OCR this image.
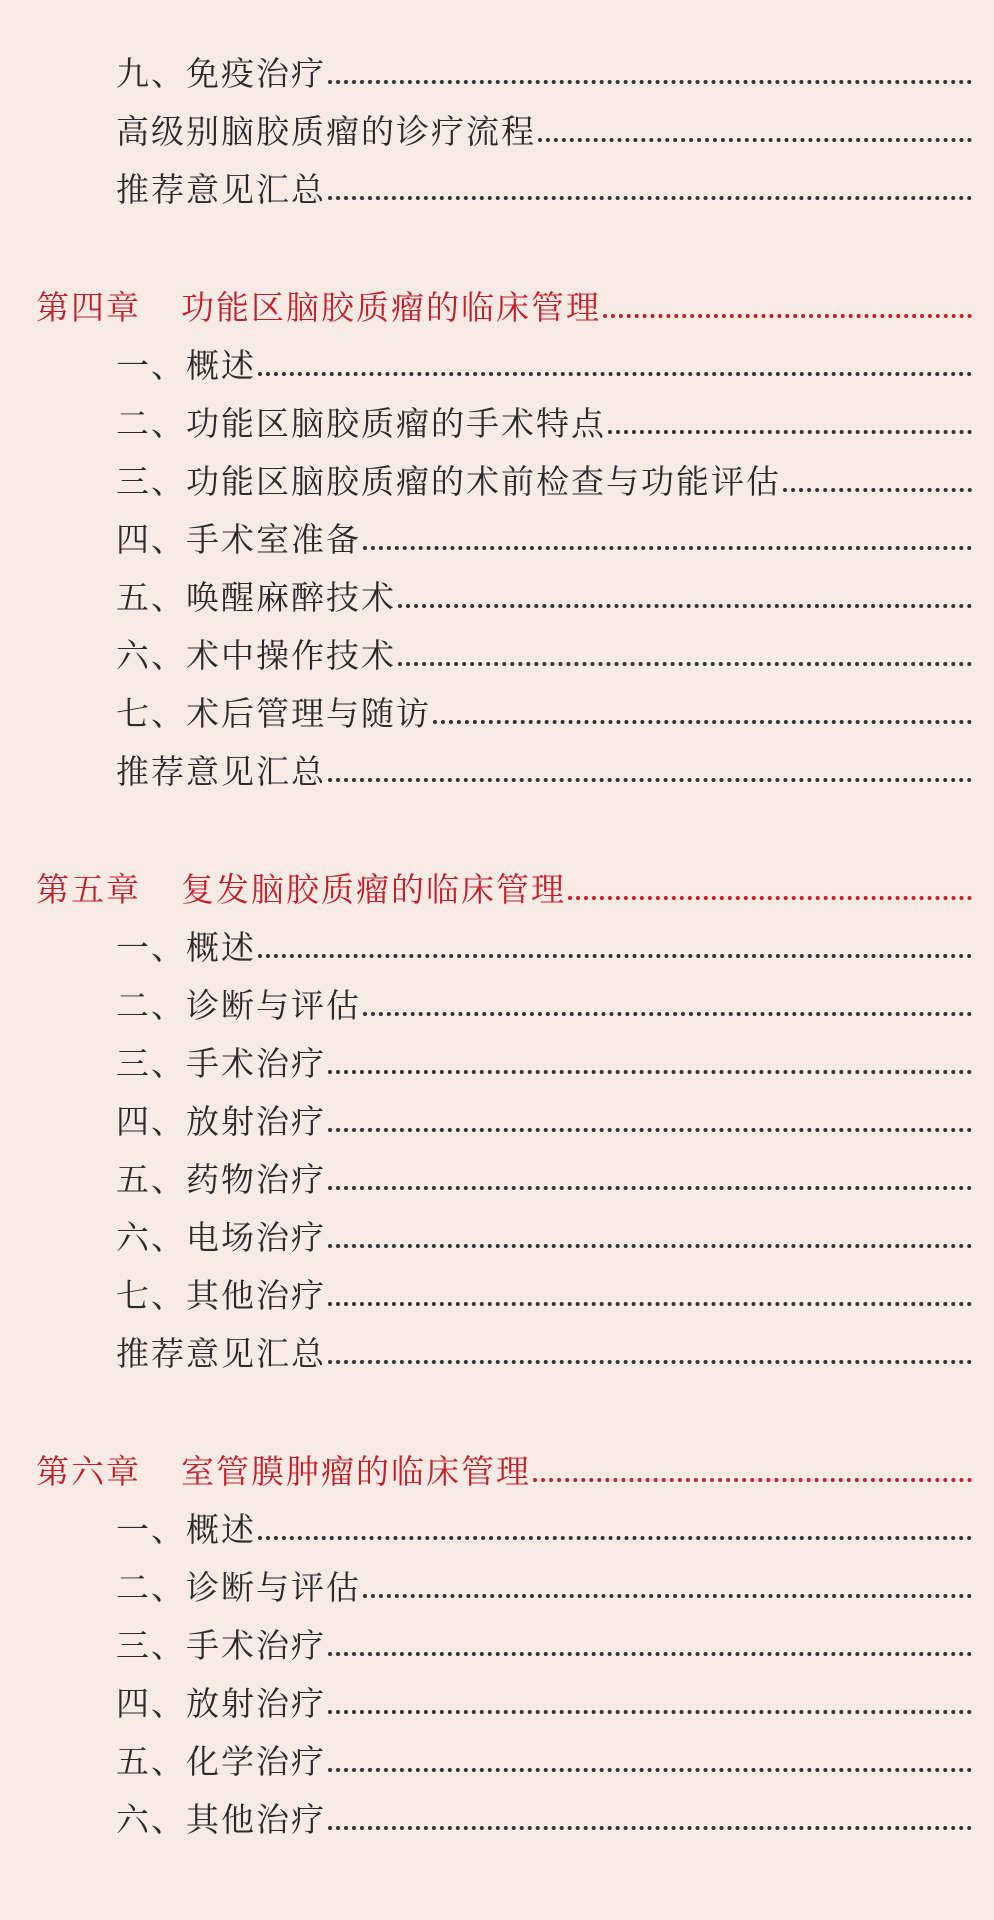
九、免疫治疗
高级别脑胶质瘤的诊疗流程
推荐意见汇总
第四章 功能区脑胶质瘤的临床管理
一、概述
二、功能区脑胶质瘤的手术特点
三、功能区脑胶质瘤的术前检查与功能评估
四、手术室准备
五、唤醒麻醉技术
六、术中操作技术
七、术后管理与随访
推荐意见汇总
第五章 复发脑胶质瘤的临床管理
一、概述
二、诊断与评估
三、手术治疗
四、放射治疗
五、药物治疗
六、电场治疗
七、其他治疗
推荐意见汇总
第六章 室管膜肿瘤的临床管理
一、概述
二、诊断与评估
三、手术治疗
四、放射治疗
五、化学治疗
六、其他治疗
